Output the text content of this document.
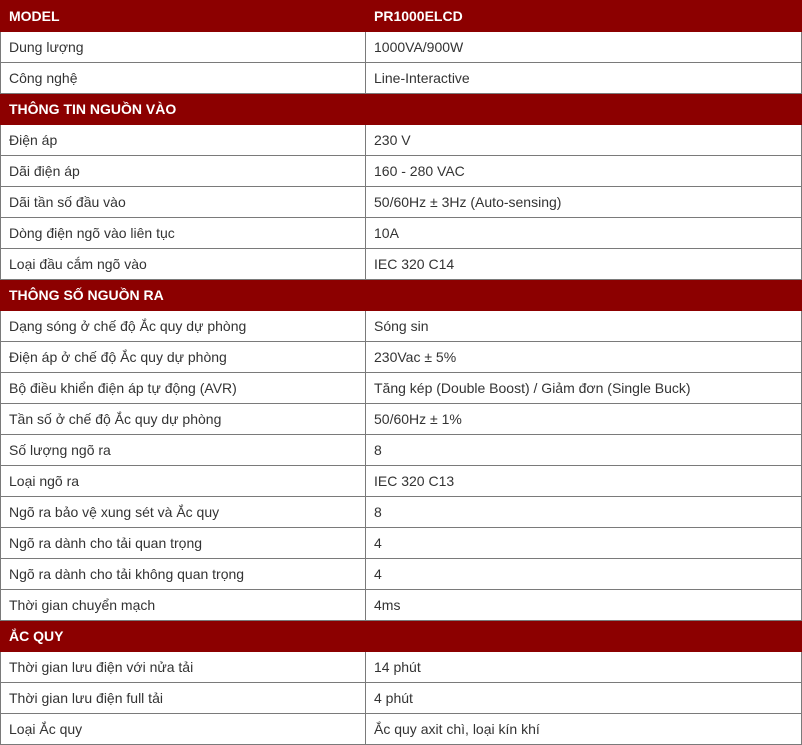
MODEL	PR1000ELCD
Dung lượng	1000VA/900W
Công nghệ	Line-Interactive
THÔNG TIN NGUỒN VÀO	
Điện áp	230 V
Dãi điện áp	160 - 280 VAC
Dãi tần số đầu vào	50/60Hz ± 3Hz (Auto-sensing)
Dòng điện ngõ vào liên tục	10A
Loại đầu cắm ngõ vào	IEC 320 C14
THÔNG SỐ NGUỒN RA	
Dạng sóng ở chế độ Ắc quy dự phòng	Sóng sin
Điện áp ở chế độ Ắc quy dự phòng	230Vac ± 5%
Bộ điều khiển điện áp tự động (AVR)	Tăng kép (Double Boost) / Giảm đơn (Single Buck)
Tần số ở chế độ Ắc quy dự phòng	50/60Hz ± 1%
Số lượng ngõ ra	8
Loại ngõ ra	IEC 320 C13
Ngõ ra bảo vệ xung sét và Ắc quy	8
Ngõ ra dành cho tải quan trọng	4
Ngõ ra dành cho tải không quan trọng	4
Thời gian chuyển mạch	4ms
ẮC QUY	
Thời gian lưu điện với nửa tải	14 phút
Thời gian lưu điện full tải	4 phút
Loại Ắc quy	Ắc quy axit chì, loại kín khí
